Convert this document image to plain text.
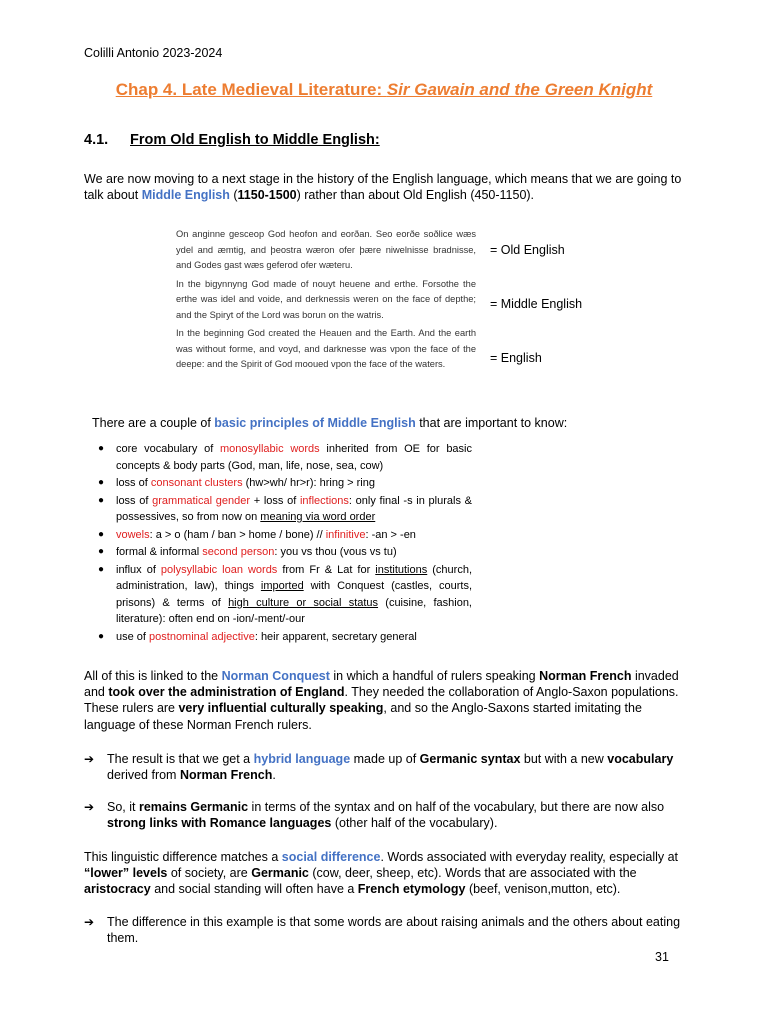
Colilli Antonio 2023-2024
Chap 4. Late Medieval Literature: Sir Gawain and the Green Knight
4.1. From Old English to Middle English:
We are now moving to a next stage in the history of the English language, which means that we are going to talk about Middle English (1150-1500) rather than about Old English (450-1150).
On anginne gesceop God heofon and eorðan. Seo eorðe soðlice wæs ydel and æmtig, and þeostra wæron ofer þære niwelnisse bradnisse, and Godes gast wæs geferod ofer wæteru.
In the bigynnyng God made of nouyt heuene and erthe. Forsothe the erthe was idel and voide, and derknessis weren on the face of depthe; and the Spiryt of the Lord was borun on the watris.
In the beginning God created the Heauen and the Earth. And the earth was without forme, and voyd, and darknesse was vpon the face of the deepe: and the Spirit of God mooued vpon the face of the waters.
= Old English
= Middle English
= English
There are a couple of basic principles of Middle English that are important to know:
● core vocabulary of monosyllabic words inherited from OE for basic concepts & body parts (God, man, life, nose, sea, cow)
● loss of consonant clusters (hw>wh/ hr>r): hring > ring
● loss of grammatical gender + loss of inflections: only final -s in plurals & possessives, so from now on meaning via word order
● vowels: a > o (ham / ban > home / bone) // infinitive: -an > -en
● formal & informal second person: you vs thou (vous vs tu)
● influx of polysyllabic loan words from Fr & Lat for institutions (church, administration, law), things imported with Conquest (castles, courts, prisons) & terms of high culture or social status (cuisine, fashion, literature): often end on -ion/-ment/-our
● use of postnominal adjective: heir apparent, secretary general
All of this is linked to the Norman Conquest in which a handful of rulers speaking Norman French invaded and took over the administration of England. They needed the collaboration of Anglo-Saxon populations. These rulers are very influential culturally speaking, and so the Anglo-Saxons started imitating the language of these Norman French rulers.
➔ The result is that we get a hybrid language made up of Germanic syntax but with a new vocabulary derived from Norman French.
➔ So, it remains Germanic in terms of the syntax and on half of the vocabulary, but there are now also strong links with Romance languages (other half of the vocabulary).
This linguistic difference matches a social difference. Words associated with everyday reality, especially at “lower” levels of society, are Germanic (cow, deer, sheep, etc). Words that are associated with the aristocracy and social standing will often have a French etymology (beef, venison,mutton, etc).
➔ The difference in this example is that some words are about raising animals and the others about eating them.
31
